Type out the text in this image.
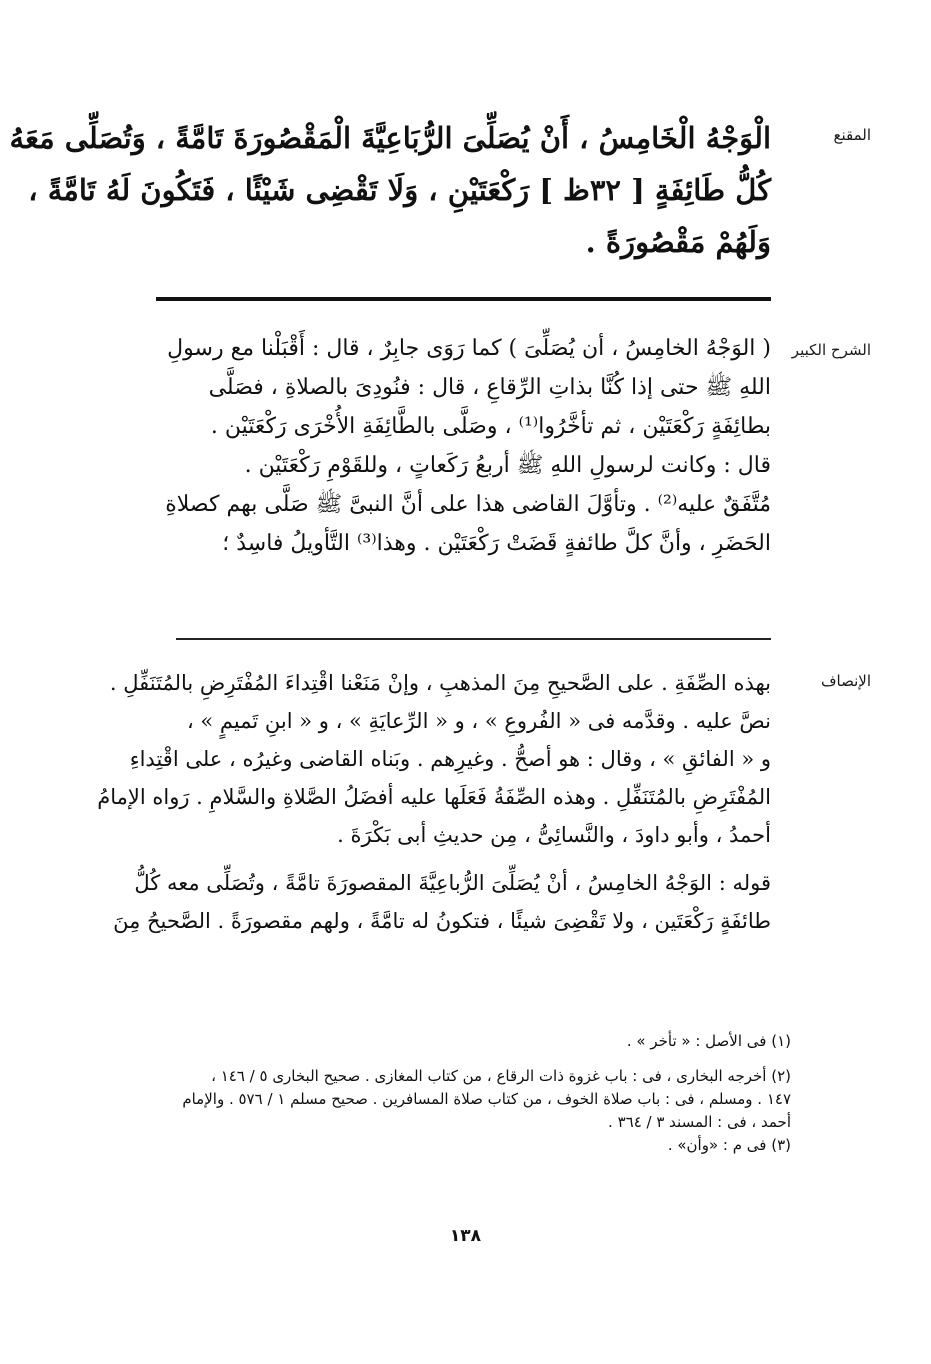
المقنع
الْوَجْهُ الْخَامِسُ ، أَنْ يُصَلِّىَ الرُّبَاعِيَّةَ الْمَقْصُورَةَ تَامَّةً ، وَتُصَلِّى مَعَهُ
كُلُّ طَائِفَةٍ [ ٣٢ظ ] رَكْعَتَيْنِ ، وَلَا تَقْضِى شَيْئًا ، فَتَكُونَ لَهُ تَامَّةً ،
وَلَهُمْ مَقْصُورَةً .
الشرح الكبير
( الوَجْهُ الخامِسُ ، أن يُصَلِّىَ ) كما رَوَى جابِرٌ ، قال : أَقْبَلْنا مع رسولِ
اللهِ ﷺ حتى إذا كُنَّا بذاتِ الرِّقاعِ ، قال : فنُودِىَ بالصلاةِ ، فصَلَّى
بطائِفَةٍ رَكْعَتَيْن ، ثم تأخَّرُوا⁽¹⁾ ، وصَلَّى بالطَّائِفَةِ الأُخْرَى رَكْعَتَيْن .
قال : وكانت لرسولِ اللهِ ﷺ أربعُ رَكَعاتٍ ، وللقَوْمِ رَكْعَتَيْن .
مُتَّفَقٌ عليه⁽²⁾ . وتأوَّلَ القاضى هذا على أنَّ النبىَّ ﷺ صَلَّى بهم كصلاةِ
الحَضَرِ ، وأنَّ كلَّ طائفةٍ قَضَتْ رَكْعَتَيْن . وهذا⁽³⁾ التَّأويلُ فاسِدٌ ؛
الإنصاف
بهذه الصِّفَةِ . على الصَّحيحِ مِنَ المذهبِ ، وإنْ مَنَعْنا اقْتِداءَ المُفْتَرِضِ بالمُتَنَفِّلِ .
نصَّ عليه . وقدَّمه فى « الفُروعِ » ، و « الرِّعايَةِ » ، و « ابنِ تَميمٍ » ،
و « الفائقِ » ، وقال : هو أصحُّ . وغيرِهم . وبَناه القاضى وغيرُه ، على اقْتِداءِ
المُفْتَرِضِ بالمُتَنَفِّلِ . وهذه الصِّفَةُ فَعَلَها عليه أفضَلُ الصَّلاةِ والسَّلامِ . رَواه الإمامُ
أحمدُ ، وأبو داودَ ، والنَّسائِىُّ ، مِن حديثِ أبى بَكْرَةَ .
قوله : الوَجْهُ الخامِسُ ، أنْ يُصَلِّىَ الرُّباعِيَّةَ المقصورَةَ تامَّةً ، وتُصَلِّى معه كُلُّ
طائفَةٍ رَكْعَتَين ، ولا تَقْضِىَ شيئًا ، فتكونُ له تامَّةً ، ولهم مقصورَةً . الصَّحيحُ مِنَ
(١) فى الأصل : « تأخر » .
(٢) أخرجه البخارى ، فى : باب غزوة ذات الرقاع ، من كتاب المغازى . صحيح البخارى ٥ / ١٤٦ ،
١٤٧ . ومسلم ، فى : باب صلاة الخوف ، من كتاب صلاة المسافرين . صحيح مسلم ١ / ٥٧٦ . والإمام
أحمد ، فى : المسند ٣ / ٣٦٤ .
(٣) فى م : «وأن» .
١٣٨
